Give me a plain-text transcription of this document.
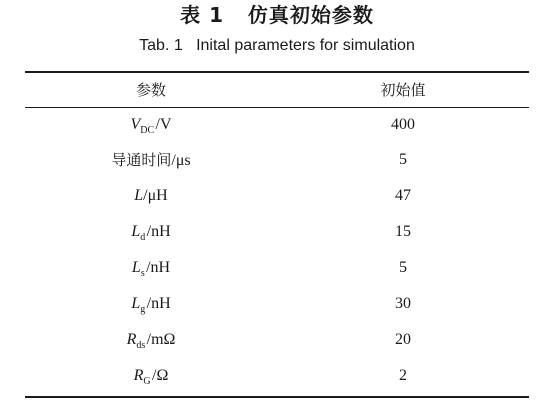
表 1   仿真初始参数
Tab. 1   Inital parameters for simulation
参数	初始值
$V_{DC}$ /V	400
导通时间/μs	5
L/μH	47
$L_d$ /nH	15
$L_s$ /nH	5
$L_g$ /nH	30
$R_{ds}$ /mΩ	20
$R_G$ /Ω	2
